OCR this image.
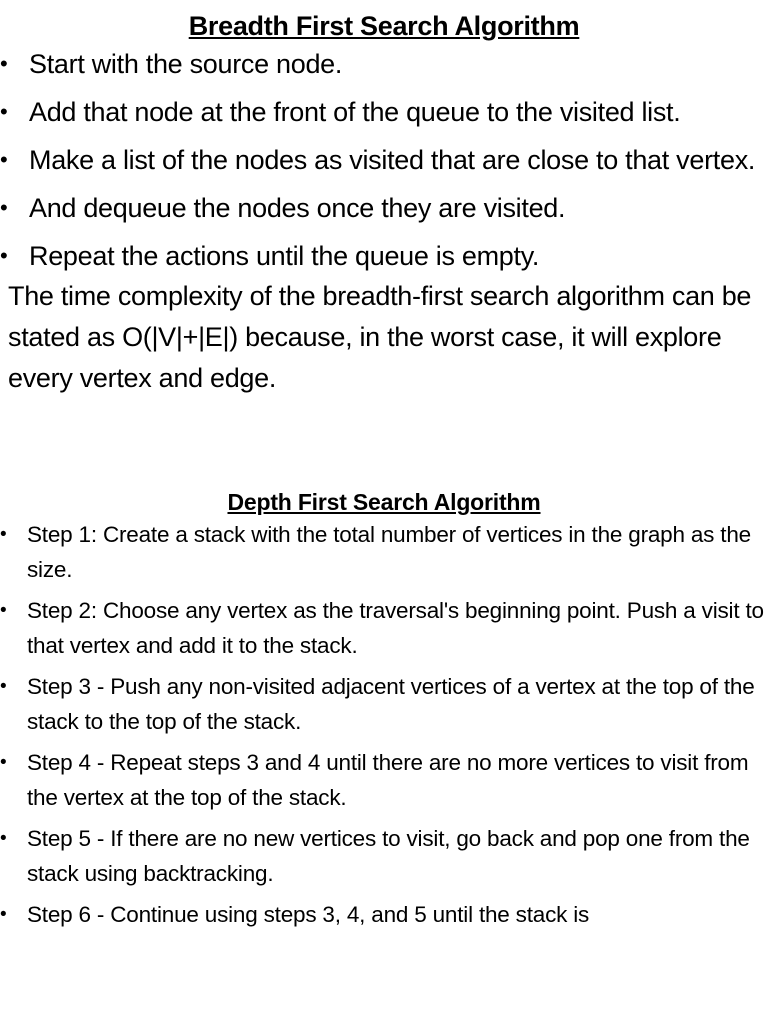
Breadth First Search Algorithm
• Start with the source node.
• Add that node at the front of the queue to the visited list.
• Make a list of the nodes as visited that are close to that vertex.
• And dequeue the nodes once they are visited.
• Repeat the actions until the queue is empty.

The time complexity of the breadth-first search algorithm can be stated as O(|V|+|E|) because, in the worst case, it will explore every vertex and edge.

Depth First Search Algorithm
• Step 1: Create a stack with the total number of vertices in the graph as the size.
• Step 2: Choose any vertex as the traversal's beginning point. Push a visit to that vertex and add it to the stack.
• Step 3 - Push any non-visited adjacent vertices of a vertex at the top of the stack to the top of the stack.
• Step 4 - Repeat steps 3 and 4 until there are no more vertices to visit from the vertex at the top of the stack.
• Step 5 - If there are no new vertices to visit, go back and pop one from the stack using backtracking.
• Step 6 - Continue using steps 3, 4, and 5 until the stack is
